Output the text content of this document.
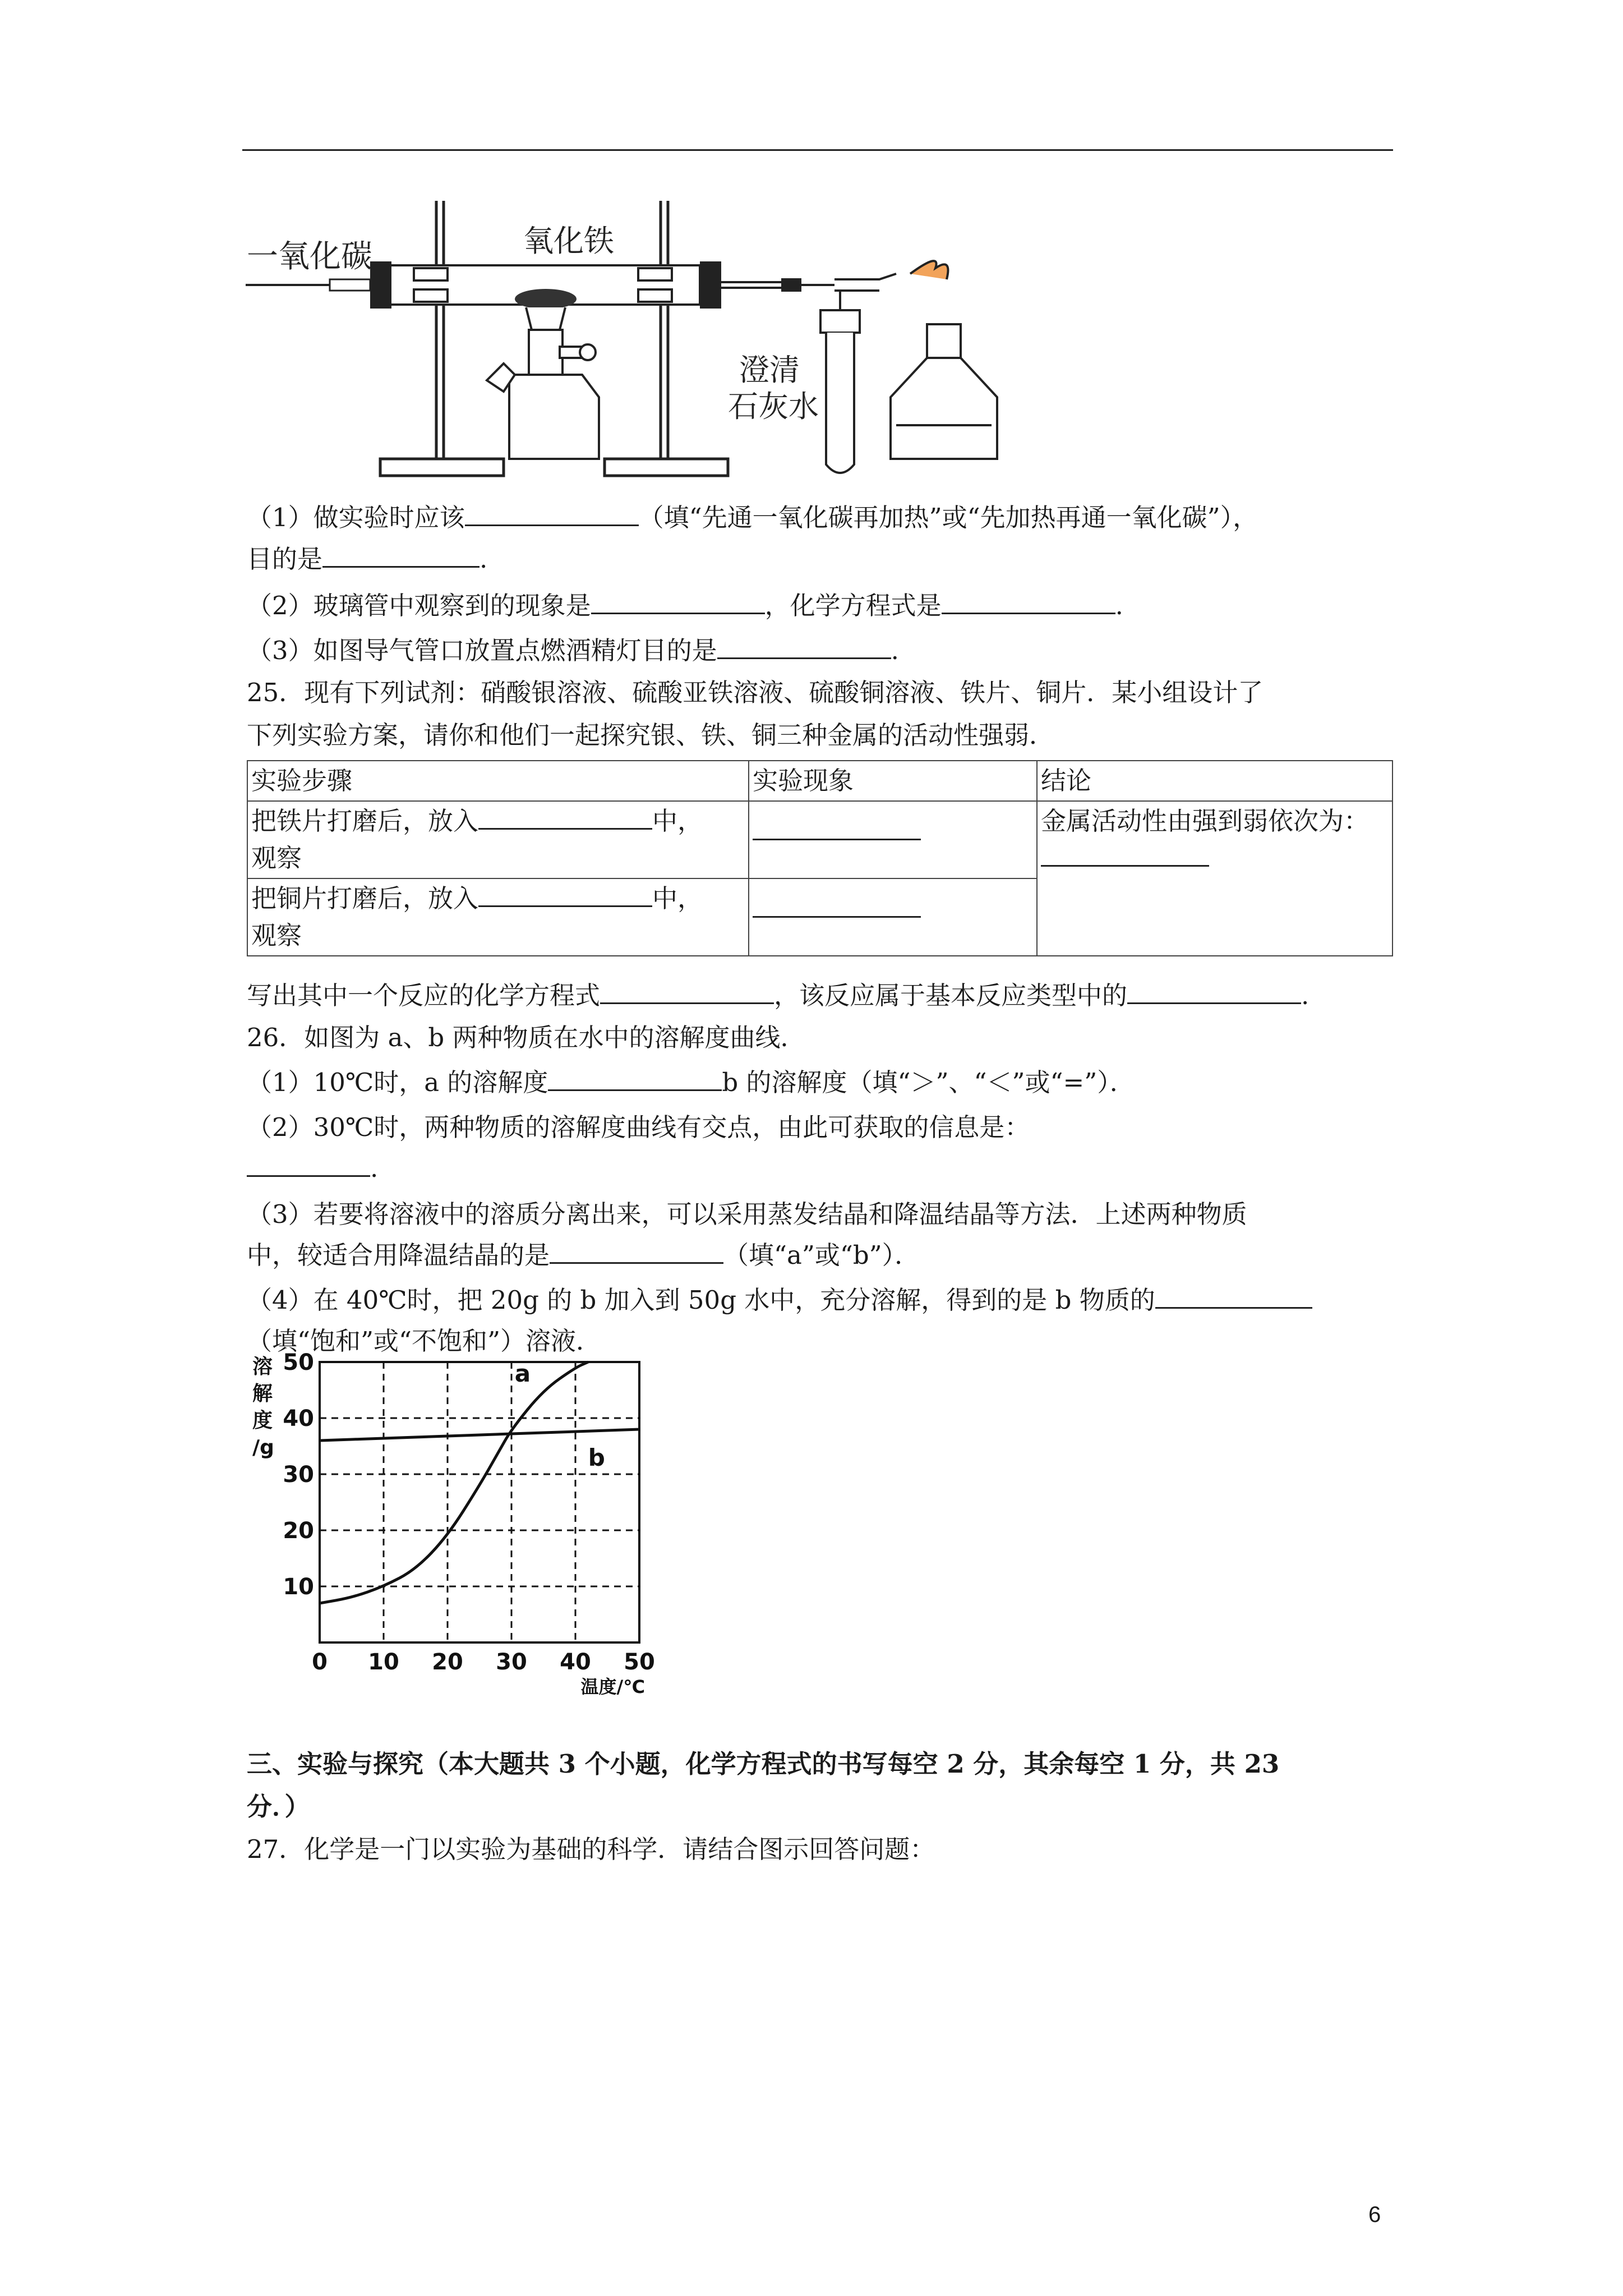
一氧化碳	氧化铁
澄清
石灰水
（1）做实验时应该	（填“先通一氧化碳再加热”或“先加热再通一氧化碳”），
目的是	.
（2）玻璃管中观察到的现象是	，化学方程式是	.
（3）如图导气管口放置点燃酒精灯目的是	.
25．现有下列试剂：硝酸银溶液、硫酸亚铁溶液、硫酸铜溶液、铁片、铜片．某小组设计了
下列实验方案，请你和他们一起探究银、铁、铜三种金属的活动性强弱．
实验步骤	实验现象	结论
把铁片打磨后，放入 中，
观察		金属活动性由强到弱依次为：

把铜片打磨后，放入 中，
观察		
写出其中一个反应的化学方程式	，该反应属于基本反应类型中的	.
26．如图为 a、b 两种物质在水中的溶解度曲线．
（1）10℃时，a 的溶解度	b 的溶解度（填“＞”、“＜”或“=”）．
（2）30℃时，两种物质的溶解度曲线有交点，由此可获取的信息是：
.
（3）若要将溶液中的溶质分离出来，可以采用蒸发结晶和降温结晶等方法．上述两种物质
中，较适合用降温结晶的是	（填“a”或“b”）．
（4）在 40℃时，把 20g 的 b 加入到 50g 水中，充分溶解，得到的是 b 物质的
（填“饱和”或“不饱和”）溶液．
0 10 20 30 40 50
10
20
30
40
50
溶
解
度
/g
温度/℃
a
b
三、实验与探究（本大题共 3 个小题，化学方程式的书写每空 2 分，其余每空 1 分，共 23
分．）
27．化学是一门以实验为基础的科学．请结合图示回答问题：
6
